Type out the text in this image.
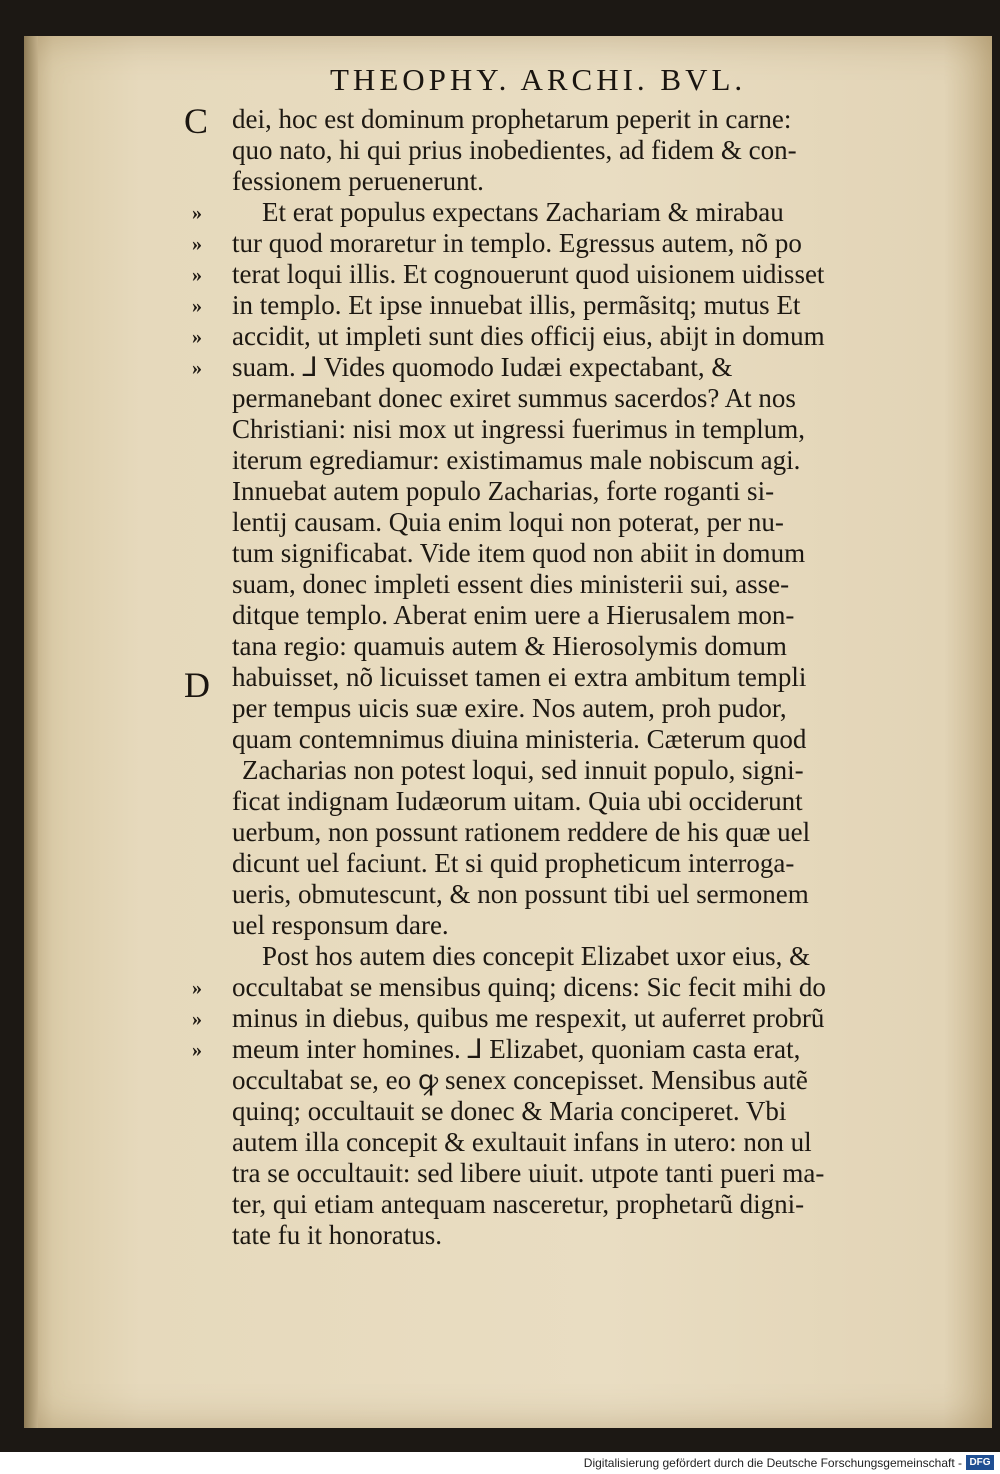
THEOPHY. ARCHI. BVL.
C
D
dei, hoc est dominum prophetarum peperit in carne:
quo nato, hi qui prius inobedientes, ad fidem & con-
fessionem peruenerunt.
» Et erat populus expectans Zachariam & mirabau
» tur quod moraretur in templo. Egressus autem, nõ po
» terat loqui illis. Et cognouerunt quod uisionem uidisset
» in templo. Et ipse innuebat illis, permãsitq; mutus Et
» accidit, ut impleti sunt dies officij eius, abijt in domum
» suam. ⅃ Vides quomodo Iudæi expectabant, &
permanebant donec exiret summus sacerdos? At nos
Christiani: nisi mox ut ingressi fuerimus in templum,
iterum egrediamur: existimamus male nobiscum agi.
Innuebat autem populo Zacharias, forte roganti si-
lentij causam. Quia enim loqui non poterat, per nu-
tum significabat. Vide item quod non abiit in domum
suam, donec impleti essent dies ministerii sui, asse-
ditque templo. Aberat enim uere a Hierusalem mon-
tana regio: quamuis autem & Hierosolymis domum
habuisset, nõ licuisset tamen ei extra ambitum templi
per tempus uicis suæ exire. Nos autem, proh pudor,
quam contemnimus diuina ministeria. Cæterum quod
Zacharias non potest loqui, sed innuit populo, signi-
ficat indignam Iudæorum uitam. Quia ubi occiderunt
uerbum, non possunt rationem reddere de his quæ uel
dicunt uel faciunt. Et si quid propheticum interroga-
ueris, obmutescunt, & non possunt tibi uel sermonem
uel responsum dare.
Post hos autem dies concepit Elizabet uxor eius, &
» occultabat se mensibus quinq; dicens: Sic fecit mihi do
» minus in diebus, quibus me respexit, ut auferret probrũ
» meum inter homines. ⅃ Elizabet, quoniam casta erat,
occultabat se, eo ꝙ senex concepisset. Mensibus autẽ
quinq; occultauit se donec & Maria conciperet. Vbi
autem illa concepit & exultauit infans in utero: non ul
tra se occultauit: sed libere uiuit. utpote tanti pueri ma-
ter, qui etiam antequam nasceretur, prophetarũ digni-
tate fu it honoratus.
Digitalisierung gefördert durch die Deutsche Forschungsgemeinschaft - DFG
